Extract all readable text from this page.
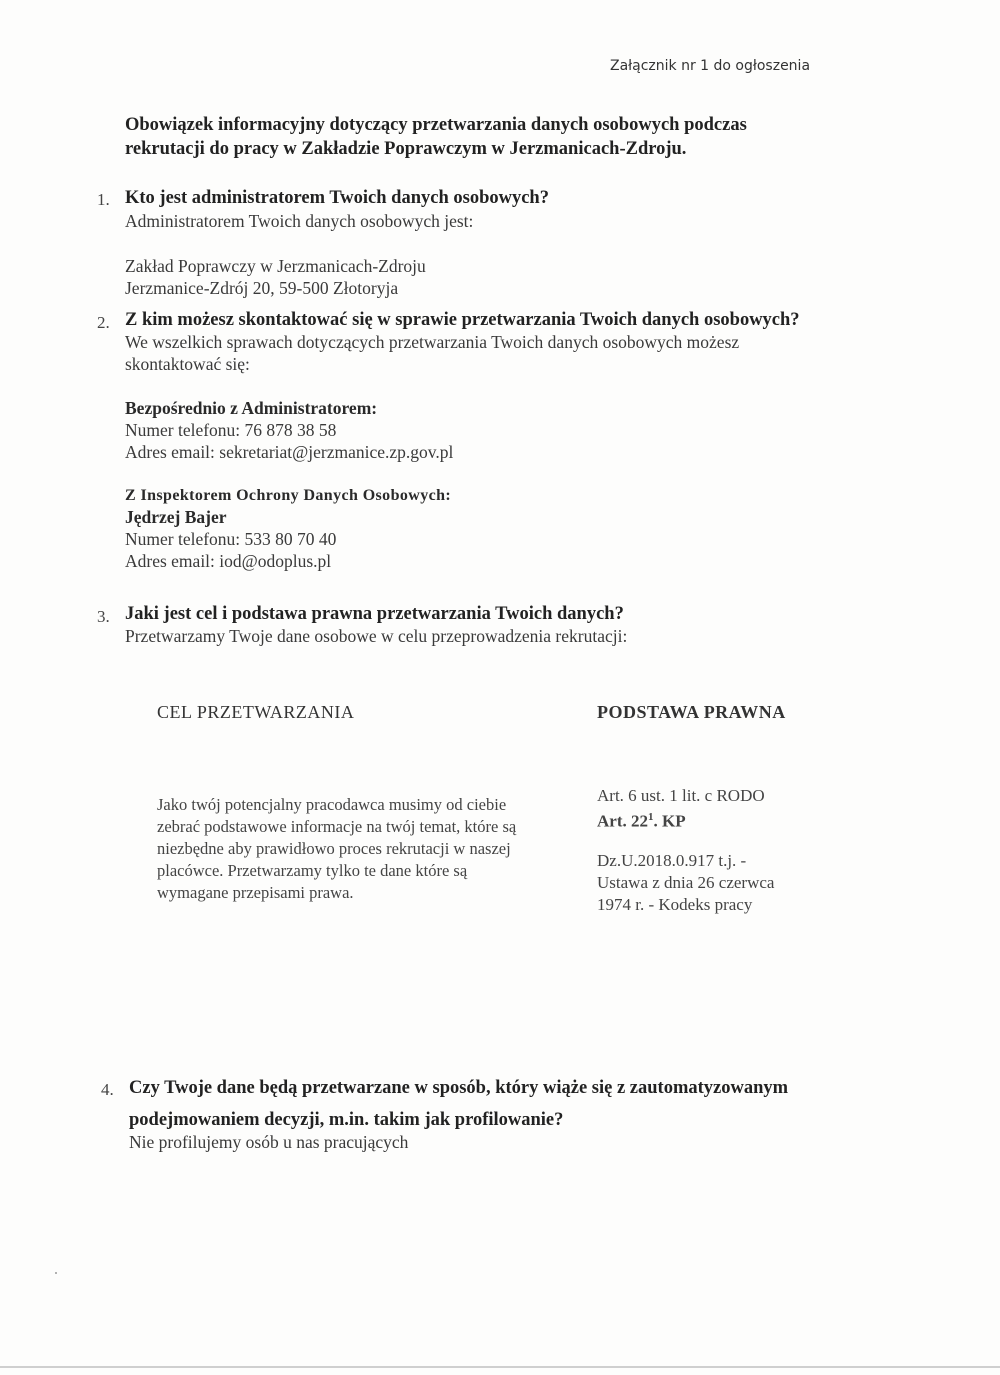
Załącznik nr 1 do ogłoszenia
Obowiązek informacyjny dotyczący przetwarzania danych osobowych podczas rekrutacji do pracy w Zakładzie Poprawczym w Jerzmanicach-Zdroju.
1. Kto jest administratorem Twoich danych osobowych?
Administratorem Twoich danych osobowych jest:
Zakład Poprawczy w Jerzmanicach-Zdroju
Jerzmanice-Zdrój 20, 59-500 Złotoryja
2. Z kim możesz skontaktować się w sprawie przetwarzania Twoich danych osobowych?
We wszelkich sprawach dotyczących przetwarzania Twoich danych osobowych możesz
skontaktować się:
Bezpośrednio z Administratorem:
Numer telefonu: 76 878 38 58
Adres email: sekretariat@jerzmanice.zp.gov.pl
Z Inspektorem Ochrony Danych Osobowych:
Jędrzej Bajer
Numer telefonu: 533 80 70 40
Adres email: iod@odoplus.pl
3. Jaki jest cel i podstawa prawna przetwarzania Twoich danych?
Przetwarzamy Twoje dane osobowe w celu przeprowadzenia rekrutacji:
CEL PRZETWARZANIA	PODSTAWA PRAWNA
Jako twój potencjalny pracodawca musimy od ciebie zebrać podstawowe informacje na twój temat, które są niezbędne aby prawidłowo proces rekrutacji w naszej placówce. Przetwarzamy tylko te dane które są wymagane przepisami prawa.
Art. 6 ust. 1 lit. c RODO
Art. $22^1$. KP
Dz.U.2018.0.917 t.j. -
Ustawa z dnia 26 czerwca
1974 r. - Kodeks pracy
4. Czy Twoje dane będą przetwarzane w sposób, który wiąże się z zautomatyzowanym
podejmowaniem decyzji, m.in. takim jak profilowanie?
Nie profilujemy osób u nas pracujących
